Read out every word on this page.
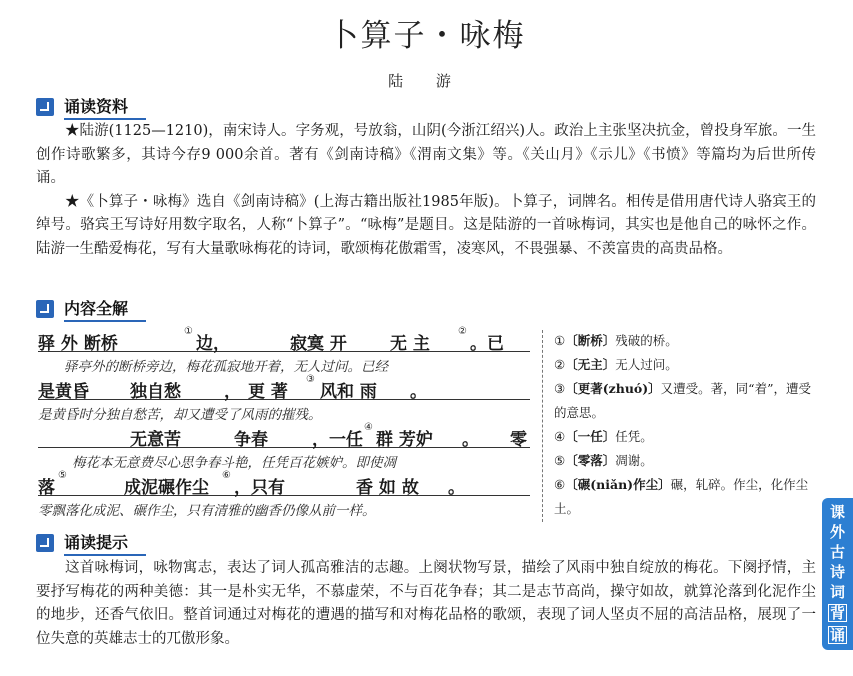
卜算子・咏梅
陆 游
诵读资料

★陆游(1125—1210)，南宋诗人。字务观，号放翁，山阴(今浙江绍兴)人。政治上主张坚决抗金，曾投身军旅。一生创作诗歌繁多，其诗今存9 000余首。著有《剑南诗稿》《渭南文集》等。《关山月》《示儿》《书愤》等篇均为后世所传诵。

★《卜算子・咏梅》选自《剑南诗稿》(上海古籍出版社1985年版)。卜算子，词牌名。相传是借用唐代诗人骆宾王的绰号。骆宾王写诗好用数字取名，人称“卜算子”。“咏梅”是题目。这是陆游的一首咏梅词，其实也是他自己的咏怀之作。陆游一生酷爱梅花，写有大量歌咏梅花的诗词，歌颂梅花傲霜雪，凌寒风，不畏强暴、不羡富贵的高贵品格。

内容全解
驿 外 断桥
①
边，	寂寞 开	无 主
②
。已
驿亭外的断桥旁边，梅花孤寂地开着，无人过问。已经
是黄昏 独自愁	， 更 著
③
风和 雨 。
是黄昏时分独自愁苦，却又遭受了风雨的摧残。
无意苦	争春	，一任
④
群 芳妒 。 零
梅花本无意费尽心思争春斗艳，任凭百花嫉妒。即使凋
落
⑤
成泥碾作尘
⑥
，只有	香 如 故 。
零飘落化成泥、碾作尘，只有清雅的幽香仍像从前一样。
①〔断桥〕残破的桥。
②〔无主〕无人过问。
③〔更著(zhuó)〕又遭受。著，同“着”，遭受的意思。
④〔一任〕任凭。
⑤〔零落〕凋谢。
⑥〔碾(niǎn)作尘〕碾，轧碎。作尘，化作尘土。
诵读提示

这首咏梅词，咏物寓志，表达了词人孤高雅洁的志趣。上阕状物写景，描绘了风雨中独自绽放的梅花。下阕抒情，主要抒写梅花的两种美德：其一是朴实无华，不慕虚荣，不与百花争春；其二是志节高尚，操守如故，就算沦落到化泥作尘的地步，还香气依旧。整首词通过对梅花的遭遇的描写和对梅花品格的歌颂，表现了词人坚贞不屈的高洁品格，展现了一位失意的英雄志士的兀傲形象。

课
外
古
诗
词
背
诵
